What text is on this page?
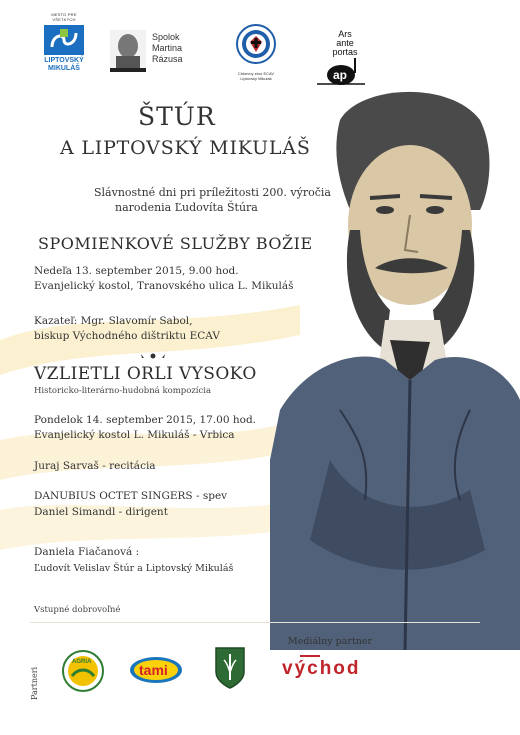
MESTO PRE VŠETKÝCH
LIPTOVSKÝ
MIKULÁŠ
Spolok
Martina
Rázusa
Cirkevný zbor ECAV
Liptovský Mikuláš
Ars
ante
portas
ap
ŠTÚR
A LIPTOVSKÝ MIKULÁŠ
Slávnostné dni pri príležitosti 200. výročia
narodenia Ľudovíta Štúra
SPOMIENKOVÉ SLUŽBY BOŽIE
Nedeľa 13. september 2015, 9.00 hod.
Evanjelický kostol, Tranovského ulica L. Mikuláš
Kazateľ: Mgr. Slavomír Sabol,
biskup Východného dištriktu ECAV
VZLIETLI ORLI VYSOKO
Historicko-literárno-hudobná kompozícia
Pondelok 14. september 2015, 17.00 hod.
Evanjelický kostol L. Mikuláš - Vrbica
Juraj Sarvaš - recitácia
DANUBIUS OCTET SINGERS - spev
Daniel Simandl - dirigent
Daniela Fiačanová :
Ľudovít Velislav Štúr a Liptovský Mikuláš
Vstupné dobrovoľné
Partneri
AGRIA	tami
Mediálny partner
východ
